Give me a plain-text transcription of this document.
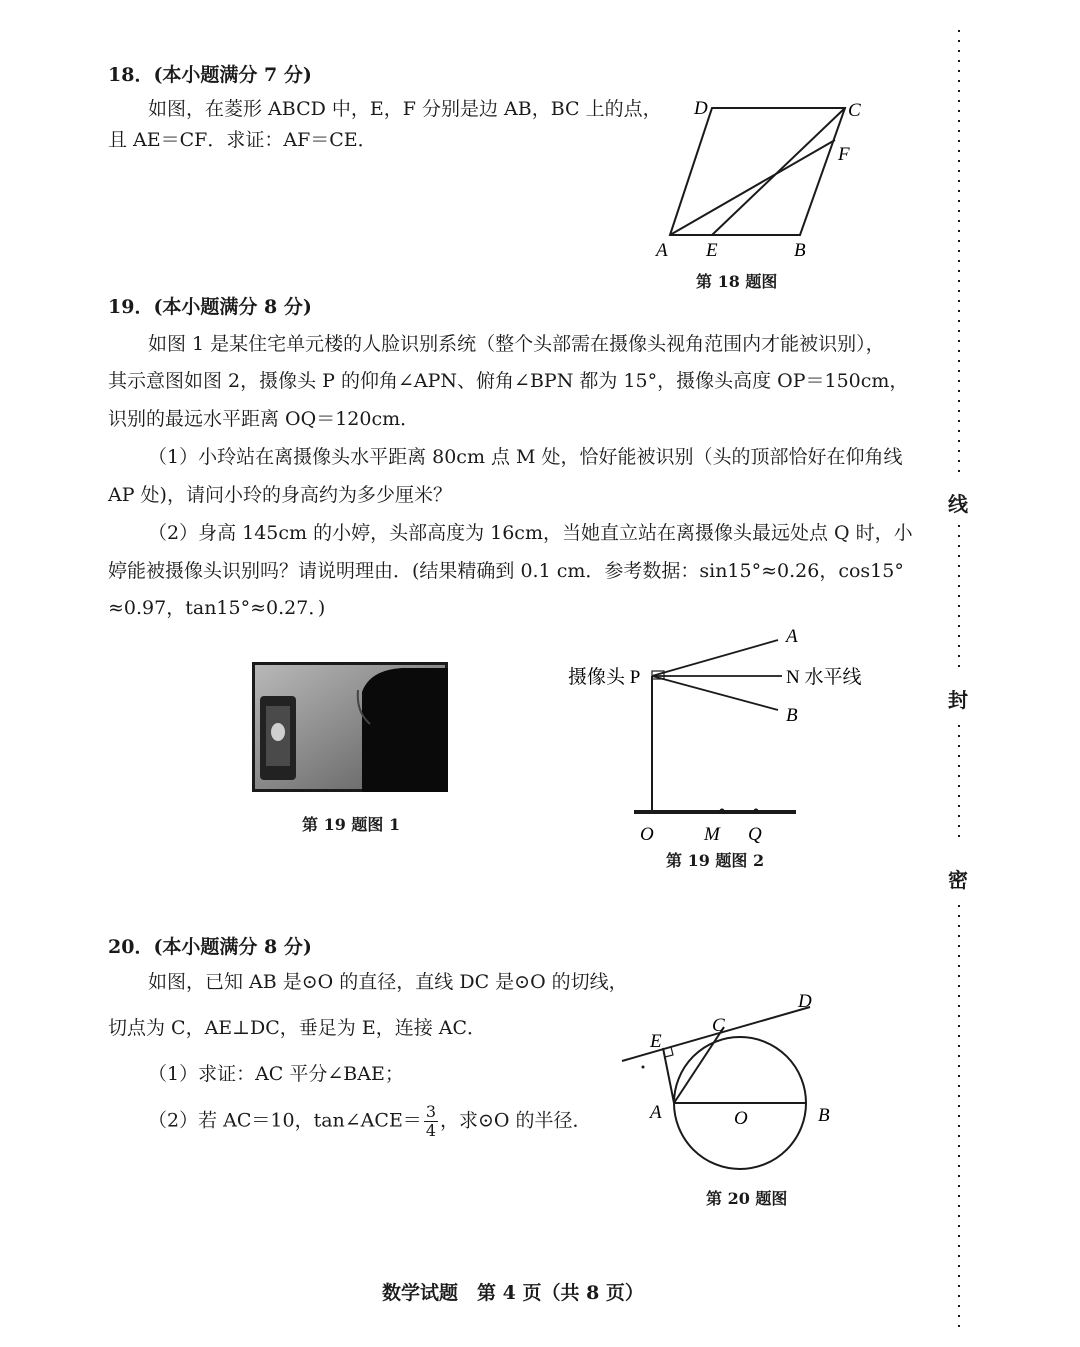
18．(本小题满分 7 分)
如图，在菱形 ABCD 中，E，F 分别是边 AB，BC 上的点，
且 AE＝CF．求证：AF＝CE．
A E	B
D	C
F
第 18 题图
19．(本小题满分 8 分)
如图 1 是某住宅单元楼的人脸识别系统（整个头部需在摄像头视角范围内才能被识别），
其示意图如图 2，摄像头 P 的仰角∠APN、俯角∠BPN 都为 15°，摄像头高度 OP＝150cm，
识别的最远水平距离 OQ＝120cm．
（1）小玲站在离摄像头水平距离 80cm 点 M 处，恰好能被识别（头的顶部恰好在仰角线
AP 处)，请问小玲的身高约为多少厘米？
（2）身高 145cm 的小婷，头部高度为 16cm，当她直立站在离摄像头最远处点 Q 时，小
婷能被摄像头识别吗？请说明理由．(结果精确到 0.1 cm．参考数据：sin15°≈0.26，cos15°
≈0.97，tan15°≈0.27．)
第 19 题图 1
A
N 水平线
B
摄像头 P
O	M Q
第 19 题图 2
20．(本小题满分 8 分)
如图，已知 AB 是⊙O 的直径，直线 DC 是⊙O 的切线，
切点为 C，AE⊥DC，垂足为 E，连接 AC．
（1）求证：AC 平分∠BAE；
（2）若 AC＝10，tan∠ACE＝ $\frac{3}{4}$ ，求⊙O 的半径．
E
C
D
A	O	B
第 20 题图
线
封
密
数学试题　第 4 页（共 8 页）
